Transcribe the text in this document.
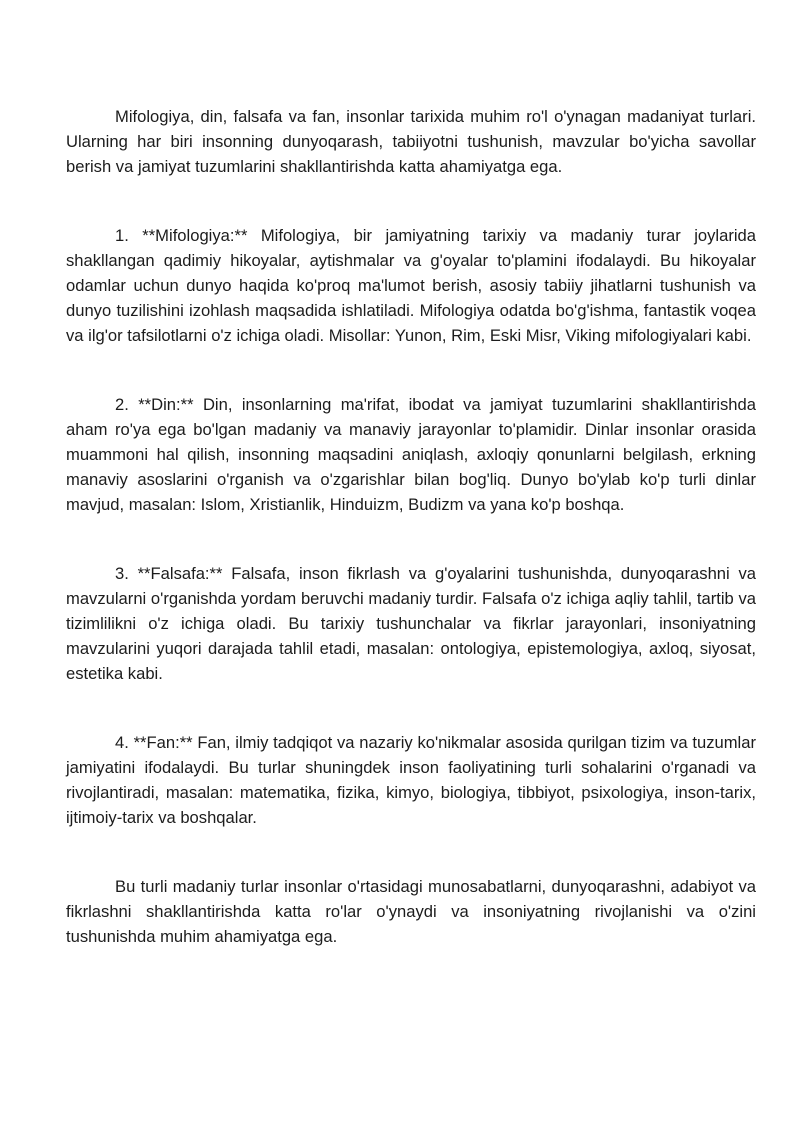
Mifologiya, din, falsafa va fan, insonlar tarixida muhim ro'l o'ynagan madaniyat turlari. Ularning har biri insonning dunyoqarash, tabiiyotni tushunish, mavzular bo'yicha savollar berish va jamiyat tuzumlarini shakllantirishda katta ahamiyatga ega.

1. **Mifologiya:** Mifologiya, bir jamiyatning tarixiy va madaniy turar joylarida shakllangan qadimiy hikoyalar, aytishmalar va g'oyalar to'plamini ifodalaydi. Bu hikoyalar odamlar uchun dunyo haqida ko'proq ma'lumot berish, asosiy tabiiy jihatlarni tushunish va dunyo tuzilishini izohlash maqsadida ishlatiladi. Mifologiya odatda bo'g'ishma, fantastik voqea va ilg'or tafsilotlarni o'z ichiga oladi. Misollar: Yunon, Rim, Eski Misr, Viking mifologiyalari kabi.

2. **Din:** Din, insonlarning ma'rifat, ibodat va jamiyat tuzumlarini shakllantirishda aham ro'ya ega bo'lgan madaniy va manaviy jarayonlar to'plamidir. Dinlar insonlar orasida muammoni hal qilish, insonning maqsadini aniqlash, axloqiy qonunlarni belgilash, erkning manaviy asoslarini o'rganish va o'zgarishlar bilan bog'liq. Dunyo bo'ylab ko'p turli dinlar mavjud, masalan: Islom, Xristianlik, Hinduizm, Budizm va yana ko'p boshqa.

3. **Falsafa:** Falsafa, inson fikrlash va g'oyalarini tushunishda, dunyoqarashni va mavzularni o'rganishda yordam beruvchi madaniy turdir. Falsafa o'z ichiga aqliy tahlil, tartib va tizimlilikni o'z ichiga oladi. Bu tarixiy tushunchalar va fikrlar jarayonlari, insoniyatning mavzularini yuqori darajada tahlil etadi, masalan: ontologiya, epistemologiya, axloq, siyosat, estetika kabi.

4. **Fan:** Fan, ilmiy tadqiqot va nazariy ko'nikmalar asosida qurilgan tizim va tuzumlar jamiyatini ifodalaydi. Bu turlar shuningdek inson faoliyatining turli sohalarini o'rganadi va rivojlantiradi, masalan: matematika, fizika, kimyo, biologiya, tibbiyot, psixologiya, inson-tarix, ijtimoiy-tarix va boshqalar.

Bu turli madaniy turlar insonlar o'rtasidagi munosabatlarni, dunyoqarashni, adabiyot va fikrlashni shakllantirishda katta ro'lar o'ynaydi va insoniyatning rivojlanishi va o'zini tushunishda muhim ahamiyatga ega.
